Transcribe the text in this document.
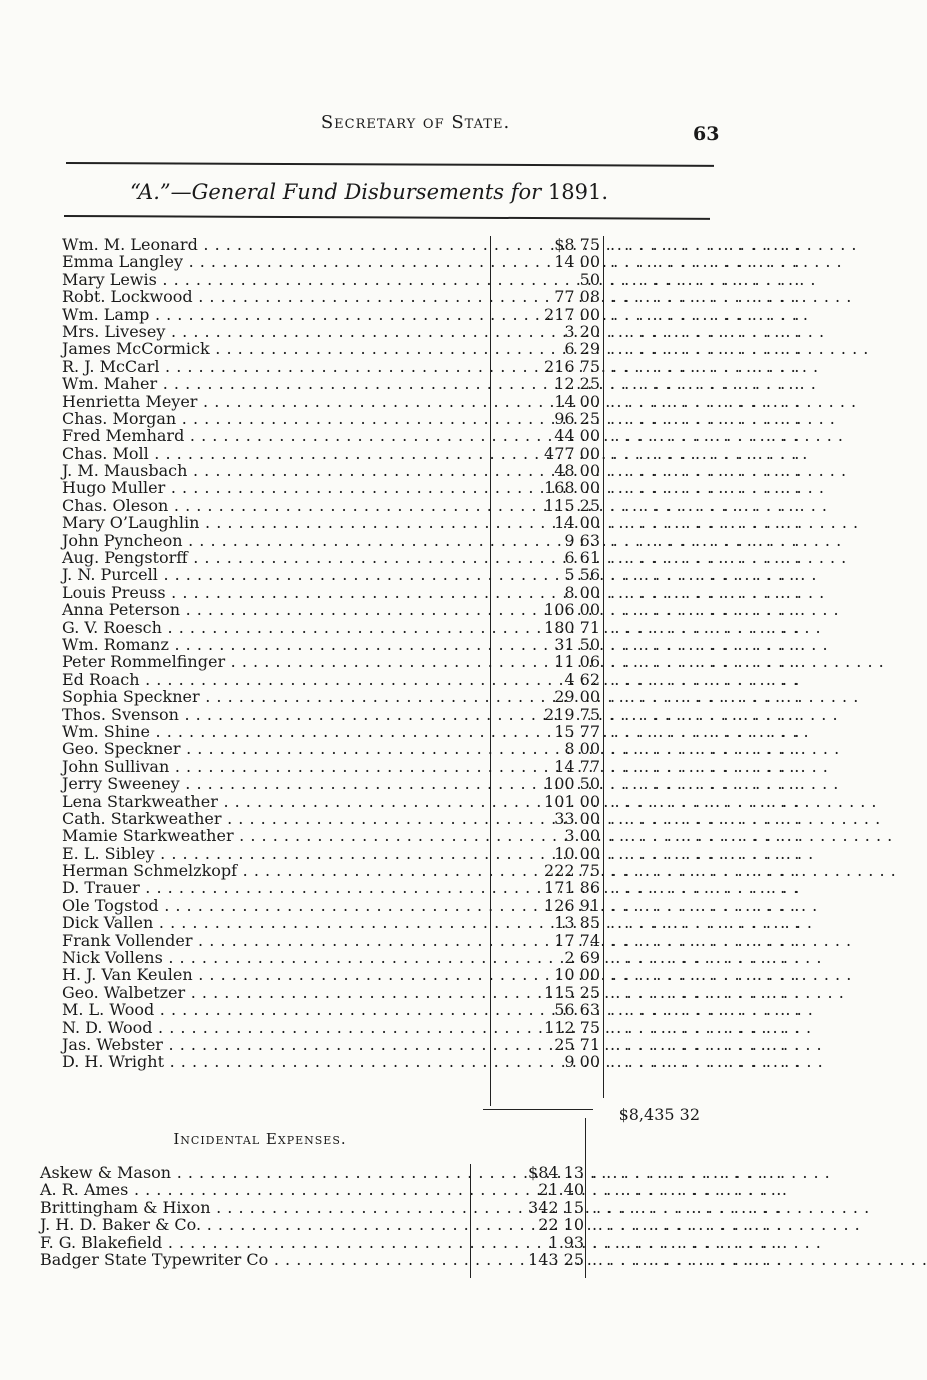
Secretary of State.
63
“A.”—General Fund Disbursements for 1891.
Wm. M. Leonard . . .	$8 75 . . . . . . . . . . . . . .
Emma Langley . . .	14 00 . . . . . . . . . . . . . .
Mary Lewis . . .	50 . . . . . . . . . . . . . .
Robt. Lockwood . . .	77 08 . . . . . . . . . . . . . .
Wm. Lamp . . .	217 00 . . . . . . . . . . . . . .
Mrs. Livesey . . .	3 20 . . . . . . . . . . . . . .
James McCormick . . .	6 29 . . . . . . . . . . . . . .
R. J. McCarl . . .	216 75 . . . . . . . . . . . . . .
Wm. Maher . . .	12 25 . . . . . . . . . . . . . .
Henrietta Meyer . . .	14 00 . . . . . . . . . . . . . .
Chas. Morgan . . .	96 25 . . . . . . . . . . . . . .
Fred Memhard . . .	44 00 . . . . . . . . . . . . . .
Chas. Moll . . .	477 00 . . . . . . . . . . . . . .
J. M. Mausbach . . .	48 00 . . . . . . . . . . . . . .
Hugo Muller . . .	168 00 . . . . . . . . . . . . . .
Chas. Oleson . . .	115 25 . . . . . . . . . . . . . .
Mary O’Laughlin . . .	14 00 . . . . . . . . . . . . . .
John Pyncheon . . .	9 63 . . . . . . . . . . . . . .
Aug. Pengstorff . . .	6 61 . . . . . . . . . . . . . .
J. N. Purcell . . .	5 56 . . . . . . . . . . . . . .
Louis Preuss . . .	8 00 . . . . . . . . . . . . . .
Anna Peterson . . .	106 00 . . . . . . . . . . . . . .
G. V. Roesch . . .	180 71 . . . . . . . . . . . . . .
Wm. Romanz . . .	31 50 . . . . . . . . . . . . . .
Peter Rommelfinger . . .	11 06 . . . . . . . . . . . . . .
Ed Roach . . .	4 62 . . . . . . . . . . . . . .
Sophia Speckner . . .	29 00 . . . . . . . . . . . . . .
Thos. Svenson . . .	219 75 . . . . . . . . . . . . . .
Wm. Shine . . .	15 77 . . . . . . . . . . . . . .
Geo. Speckner . . .	8 00 . . . . . . . . . . . . . .
John Sullivan . . .	14 77 . . . . . . . . . . . . . .
Jerry Sweeney . . .	100 50 . . . . . . . . . . . . . .
Lena Starkweather . . .	101 00 . . . . . . . . . . . . . .
Cath. Starkweather . . .	33 00 . . . . . . . . . . . . . .
Mamie Starkweather . . .	3 00 . . . . . . . . . . . . . .
E. L. Sibley . . .	10 00 . . . . . . . . . . . . . .
Herman Schmelzkopf . . .	222 75 . . . . . . . . . . . . . .
D. Trauer . . .	171 86 . . . . . . . . . . . . . .
Ole Togstod . . .	126 91 . . . . . . . . . . . . . .
Dick Vallen . . .	13 85 . . . . . . . . . . . . . .
Frank Vollender . . .	17 74 . . . . . . . . . . . . . .
Nick Vollens . . .	2 69 . . . . . . . . . . . . . .
H. J. Van Keulen . . .	10 00 . . . . . . . . . . . . . .
Geo. Walbetzer . . .	115 25 . . . . . . . . . . . . . .
M. L. Wood . . .	56 63 . . . . . . . . . . . . . .
N. D. Wood . . .	112 75 . . . . . . . . . . . . . .
Jas. Webster . . .	25 71 . . . . . . . . . . . . . .
D. H. Wright . . .	9 00 . . . . . . . . . . . . . .
$8,435 32
Incidental Expenses.
Askew & Mason . . .	$84 13 . . . . . . . . . . . . . .
A. R. Ames . . .	21 40 . . . . . . . . . . . . . .
Brittingham & Hixon . . .	342 15 . . . . . . . . . . . . . .
J. H. D. Baker & Co. . . .	22 10 . . . . . . . . . . . . . .
F. G. Blakefield . . .	1 93 . . . . . . . . . . . . . .
Badger State Typewriter Co . . .	143 25 . . . . . . . . . . . . . .
